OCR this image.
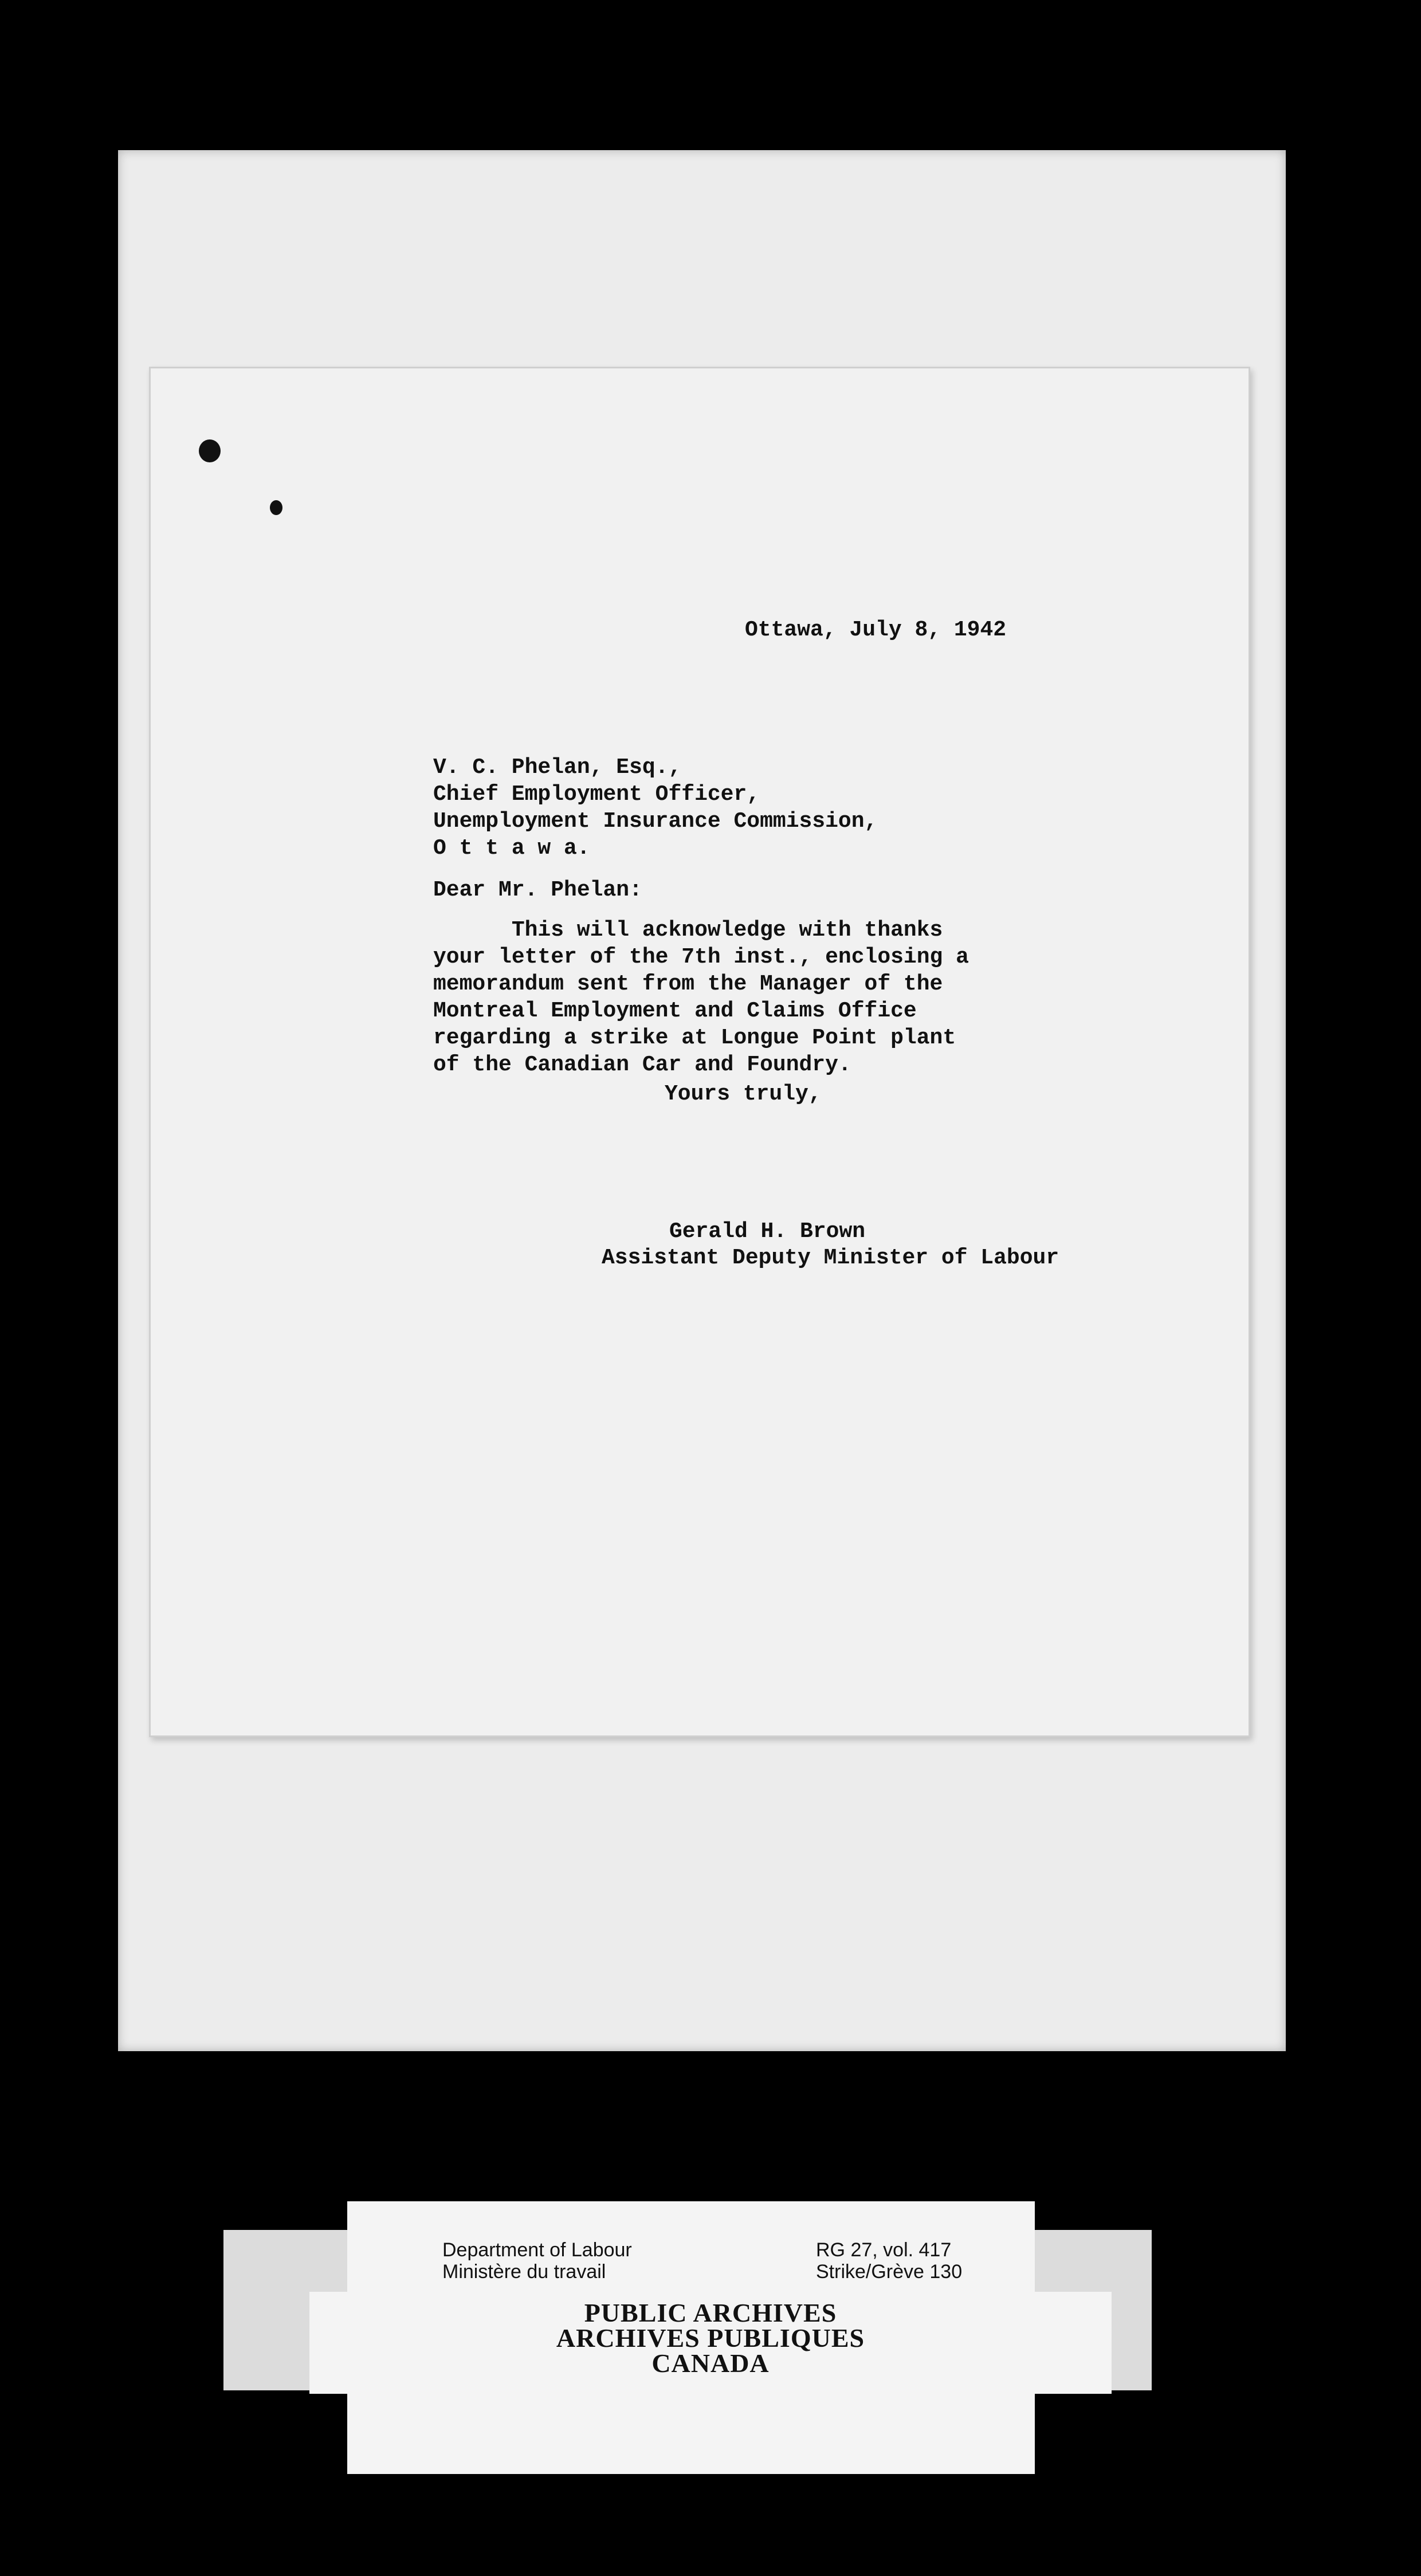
Ottawa, July 8, 1942
V. C. Phelan, Esq.,
Chief Employment Officer,
Unemployment Insurance Commission,
O t t a w a.
Dear Mr. Phelan:
This will acknowledge with thanks
your letter of the 7th inst., enclosing a
memorandum sent from the Manager of the
Montreal Employment and Claims Office
regarding a strike at Longue Point plant
of the Canadian Car and Foundry.
Yours truly,
Gerald H. Brown
Assistant Deputy Minister of Labour
Department of Labour
Ministère du travail
RG 27, vol. 417
Strike/Grève 130
PUBLIC ARCHIVES
ARCHIVES PUBLIQUES
CANADA
